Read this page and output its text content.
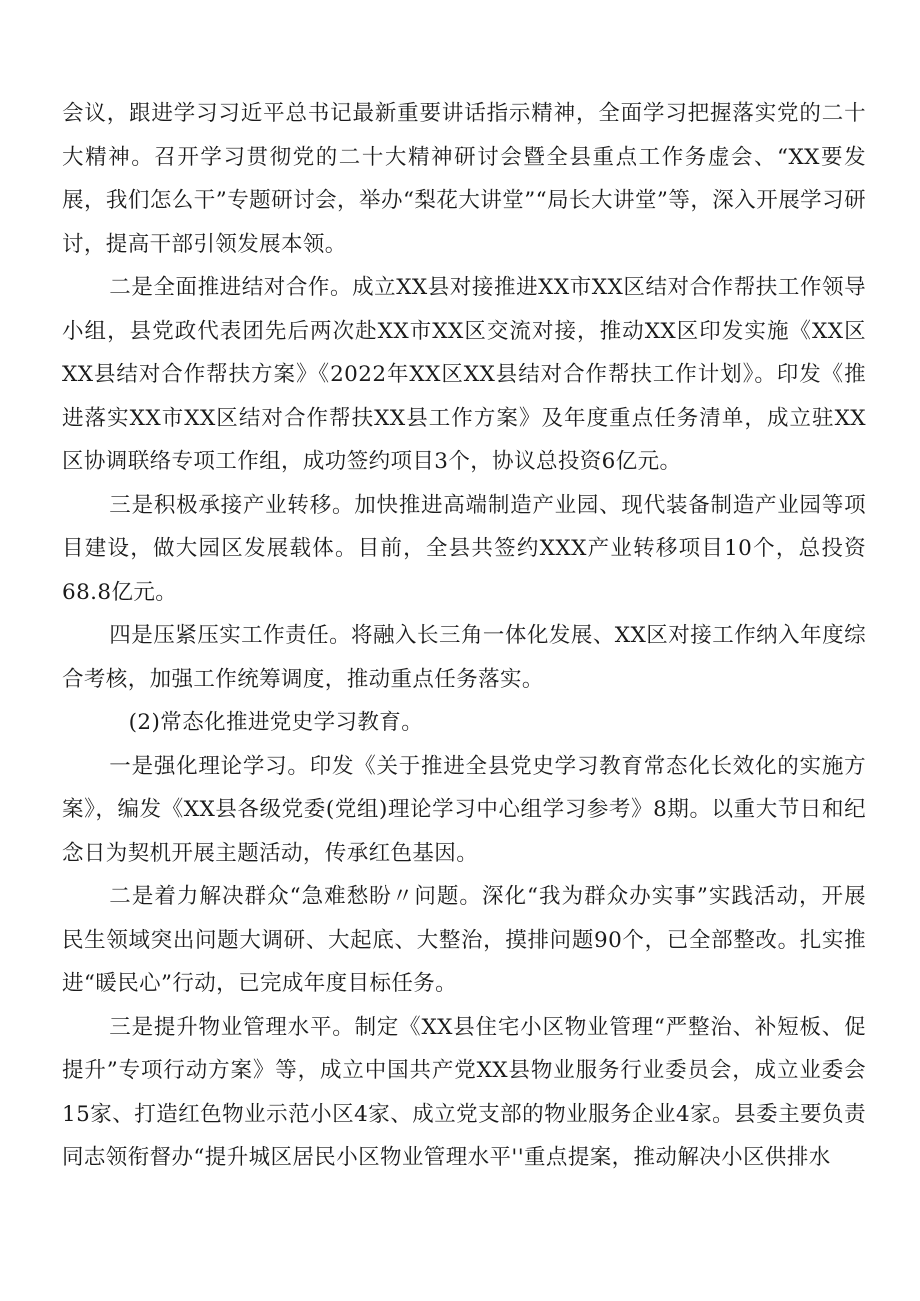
会议，跟进学习习近平总书记最新重要讲话指示精神，全面学习把握落实党的二十大精神。召开学习贯彻党的二十大精神研讨会暨全县重点工作务虚会、“XX要发展，我们怎么干”专题研讨会，举办“梨花大讲堂”“局长大讲堂”等，深入开展学习研讨，提高干部引领发展本领。

二是全面推进结对合作。成立XX县对接推进XX市XX区结对合作帮扶工作领导小组，县党政代表团先后两次赴XX市XX区交流对接，推动XX区印发实施《XX区XX县结对合作帮扶方案》《2022年XX区XX县结对合作帮扶工作计划》。印发《推进落实XX市XX区结对合作帮扶XX县工作方案》及年度重点任务清单，成立驻XX区协调联络专项工作组，成功签约项目3个，协议总投资6亿元。

三是积极承接产业转移。加快推进高端制造产业园、现代装备制造产业园等项目建设，做大园区发展载体。目前，全县共签约XXX产业转移项目10个，总投资68.8亿元。

四是压紧压实工作责任。将融入长三角一体化发展、XX区对接工作纳入年度综合考核，加强工作统筹调度，推动重点任务落实。

(2)常态化推进党史学习教育。

一是强化理论学习。印发《关于推进全县党史学习教育常态化长效化的实施方案》，编发《XX县各级党委(党组)理论学习中心组学习参考》8期。以重大节日和纪念日为契机开展主题活动，传承红色基因。

二是着力解决群众“急难愁盼〃问题。深化“我为群众办实事”实践活动，开展民生领域突出问题大调研、大起底、大整治，摸排问题90个，已全部整改。扎实推进“暖民心”行动，已完成年度目标任务。

三是提升物业管理水平。制定《XX县住宅小区物业管理“严整治、补短板、促提升”专项行动方案》等，成立中国共产党XX县物业服务行业委员会，成立业委会15家、打造红色物业示范小区4家、成立党支部的物业服务企业4家。县委主要负责同志领衔督办“提升城区居民小区物业管理水平''重点提案，推动解决小区供排水
